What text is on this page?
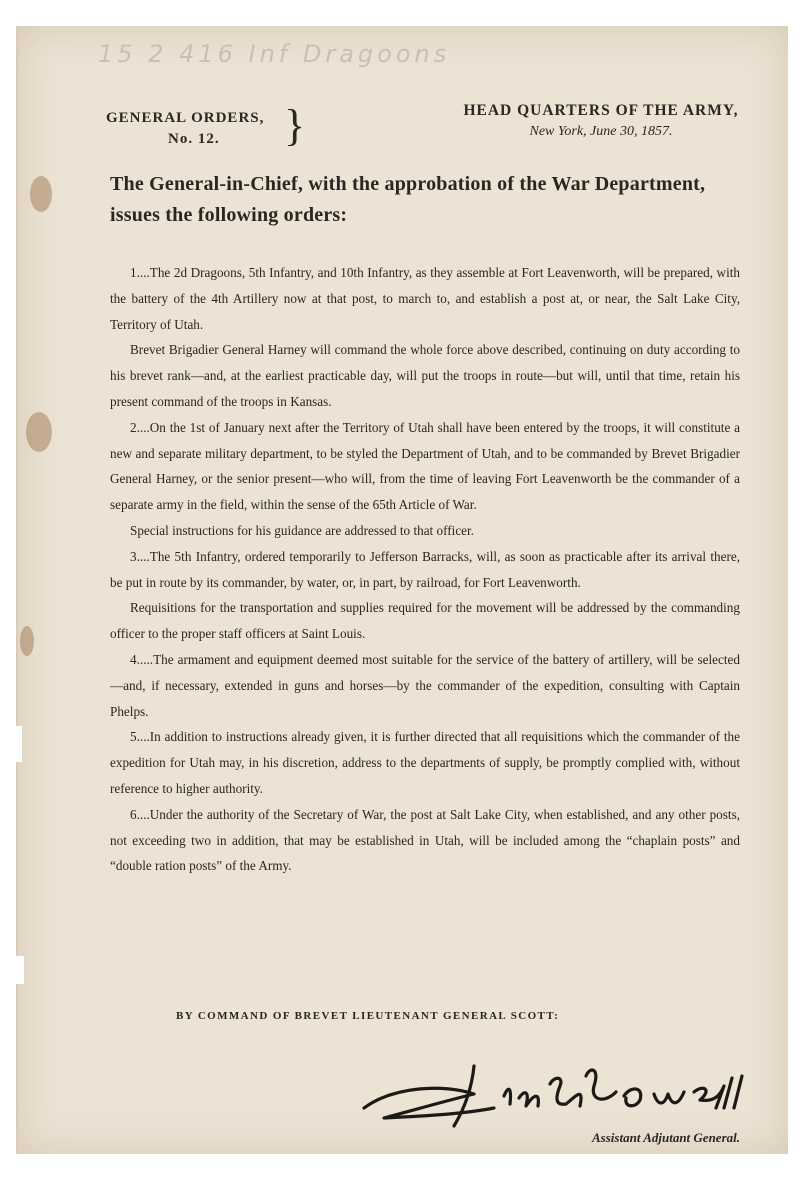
15 2 416 Inf Dragoons
GENERAL ORDERS,
No. 12.	}	HEAD QUARTERS OF THE ARMY,
New York, June 30, 1857.
The General-in-Chief, with the approbation of the War Department, issues the following orders:

1....The 2d Dragoons, 5th Infantry, and 10th Infantry, as they assemble at Fort Leavenworth, will be prepared, with the battery of the 4th Artillery now at that post, to march to, and establish a post at, or near, the Salt Lake City, Territory of Utah.

Brevet Brigadier General Harney will command the whole force above described, continuing on duty according to his brevet rank—and, at the earliest practicable day, will put the troops in route—but will, until that time, retain his present command of the troops in Kansas.

2....On the 1st of January next after the Territory of Utah shall have been entered by the troops, it will constitute a new and separate military department, to be styled the Department of Utah, and to be commanded by Brevet Brigadier General Harney, or the senior present—who will, from the time of leaving Fort Leavenworth be the commander of a separate army in the field, within the sense of the 65th Article of War.

Special instructions for his guidance are addressed to that officer.

3....The 5th Infantry, ordered temporarily to Jefferson Barracks, will, as soon as practicable after its arrival there, be put in route by its commander, by water, or, in part, by railroad, for Fort Leavenworth.

Requisitions for the transportation and supplies required for the movement will be addressed by the commanding officer to the proper staff officers at Saint Louis.

4.....The armament and equipment deemed most suitable for the service of the battery of artillery, will be selected—and, if necessary, extended in guns and horses—by the commander of the expedition, consulting with Captain Phelps.

5....In addition to instructions already given, it is further directed that all requisitions which the commander of the expedition for Utah may, in his discretion, address to the departments of supply, be promptly complied with, without reference to higher authority.

6....Under the authority of the Secretary of War, the post at Salt Lake City, when established, and any other posts, not exceeding two in addition, that may be established in Utah, will be included among the “chaplain posts” and “double ration posts” of the Army.

BY COMMAND OF BREVET LIEUTENANT GENERAL SCOTT:
Assistant Adjutant General.
